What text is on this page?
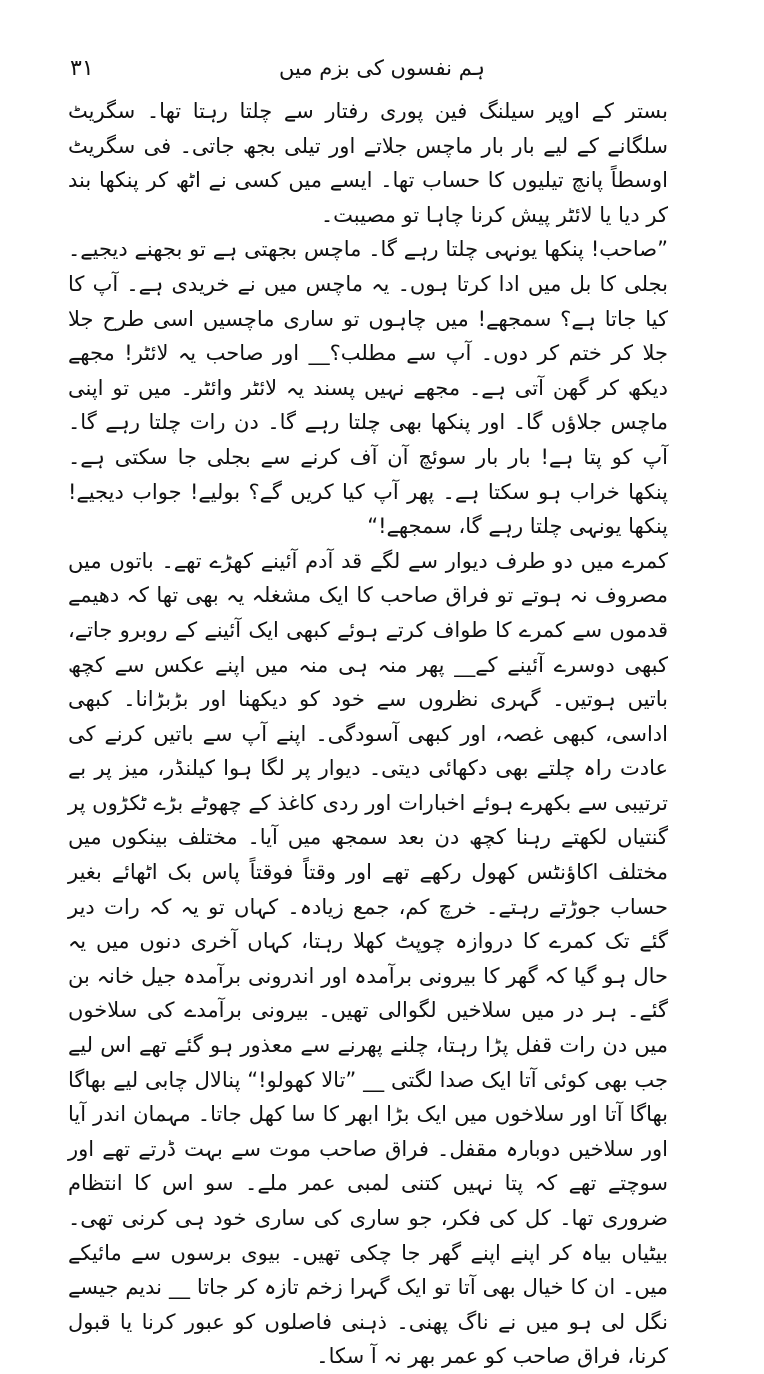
۳۱	ہم نفسوں کی بزم میں

بستر کے اوپر سیلنگ فین پوری رفتار سے چلتا رہتا تھا۔ سگریٹ سلگانے کے لیے بار بار ماچس جلاتے اور تیلی بجھ جاتی۔ فی سگریٹ اوسطاً پانچ تیلیوں کا حساب تھا۔ ایسے میں کسی نے اٹھ کر پنکھا بند کر دیا یا لائٹر پیش کرنا چاہا تو مصیبت۔

”صاحب! پنکھا یونہی چلتا رہے گا۔ ماچس بجھتی ہے تو بجھنے دیجیے۔ بجلی کا بل میں ادا کرتا ہوں۔ یہ ماچس میں نے خریدی ہے۔ آپ کا کیا جاتا ہے؟ سمجھے! میں چاہوں تو ساری ماچسیں اسی طرح جلا جلا کر ختم کر دوں۔ آپ سے مطلب؟__ اور صاحب یہ لائٹر! مجھے دیکھ کر گھن آتی ہے۔ مجھے نہیں پسند یہ لائٹر وائٹر۔ میں تو اپنی ماچس جلاؤں گا۔ اور پنکھا بھی چلتا رہے گا۔ دن رات چلتا رہے گا۔ آپ کو پتا ہے! بار بار سوئچ آن آف کرنے سے بجلی جا سکتی ہے۔ پنکھا خراب ہو سکتا ہے۔ پھر آپ کیا کریں گے؟ بولیے! جواب دیجیے! پنکھا یونہی چلتا رہے گا، سمجھے!“

کمرے میں دو طرف دیوار سے لگے قد آدم آئینے کھڑے تھے۔ باتوں میں مصروف نہ ہوتے تو فراق صاحب کا ایک مشغلہ یہ بھی تھا کہ دھیمے قدموں سے کمرے کا طواف کرتے ہوئے کبھی ایک آئینے کے روبرو جاتے، کبھی دوسرے آئینے کے__ پھر منہ ہی منہ میں اپنے عکس سے کچھ باتیں ہوتیں۔ گہری نظروں سے خود کو دیکھنا اور بڑبڑانا۔ کبھی اداسی، کبھی غصہ، اور کبھی آسودگی۔ اپنے آپ سے باتیں کرنے کی عادت راہ چلتے بھی دکھائی دیتی۔ دیوار پر لگا ہوا کیلنڈر، میز پر بے ترتیبی سے بکھرے ہوئے اخبارات اور ردی کاغذ کے چھوٹے بڑے ٹکڑوں پر گنتیاں لکھتے رہنا کچھ دن بعد سمجھ میں آیا۔ مختلف بینکوں میں مختلف اکاؤنٹس کھول رکھے تھے اور وقتاً فوقتاً پاس بک اٹھائے بغیر حساب جوڑتے رہتے۔ خرچ کم، جمع زیادہ۔ کہاں تو یہ کہ رات دیر گئے تک کمرے کا دروازہ چوپٹ کھلا رہتا، کہاں آخری دنوں میں یہ حال ہو گیا کہ گھر کا بیرونی برآمدہ اور اندرونی برآمدہ جیل خانہ بن گئے۔ ہر در میں سلاخیں لگوالی تھیں۔ بیرونی برآمدے کی سلاخوں میں دن رات قفل پڑا رہتا، چلنے پھرنے سے معذور ہو گئے تھے اس لیے جب بھی کوئی آتا ایک صدا لگتی __ ”تالا کھولو!“ پنالال چابی لیے بھاگا بھاگا آتا اور سلاخوں میں ایک بڑا ابھر کا سا کھل جاتا۔ مہمان اندر آیا اور سلاخیں دوبارہ مقفل۔ فراق صاحب موت سے بہت ڈرتے تھے اور سوچتے تھے کہ پتا نہیں کتنی لمبی عمر ملے۔ سو اس کا انتظام ضروری تھا۔ کل کی فکر، جو ساری کی ساری خود ہی کرنی تھی۔ بیٹیاں بیاہ کر اپنے اپنے گھر جا چکی تھیں۔ بیوی برسوں سے مائیکے میں۔ ان کا خیال بھی آتا تو ایک گہرا زخم تازہ کر جاتا __ ندیم جیسے نگل لی ہو میں نے ناگ پھنی۔ ذہنی فاصلوں کو عبور کرنا یا قبول کرنا، فراق صاحب کو عمر بھر نہ آ سکا۔
